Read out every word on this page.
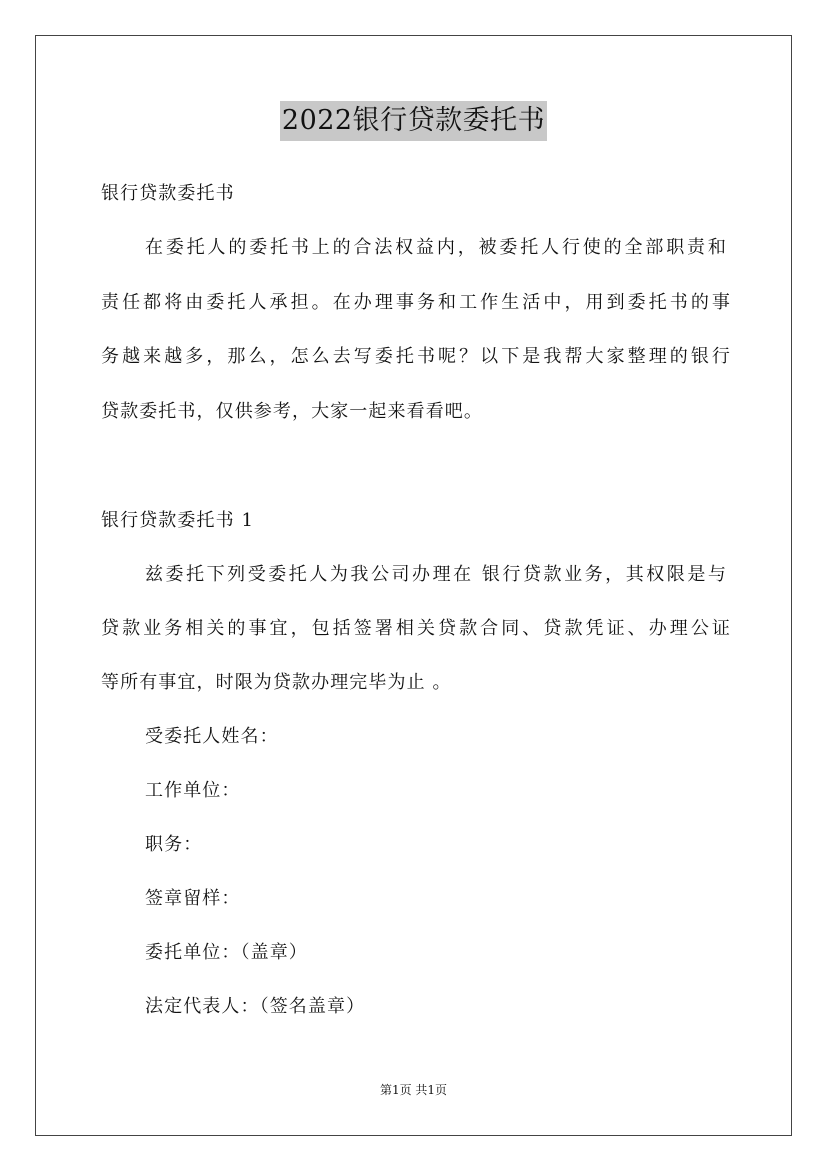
2022银行贷款委托书
银行贷款委托书
在委托人的委托书上的合法权益内，被委托人行使的全部职责和
责任都将由委托人承担。在办理事务和工作生活中，用到委托书的事
务越来越多，那么，怎么去写委托书呢？以下是我帮大家整理的银行
贷款委托书，仅供参考，大家一起来看看吧。
银行贷款委托书 1
兹委托下列受委托人为我公司办理在 银行贷款业务，其权限是与
贷款业务相关的事宜，包括签署相关贷款合同、贷款凭证、办理公证
等所有事宜，时限为贷款办理完毕为止 。
受委托人姓名：
工作单位：
职务：
签章留样：
委托单位：（盖章）
法定代表人：（签名盖章）
第1页 共1页
